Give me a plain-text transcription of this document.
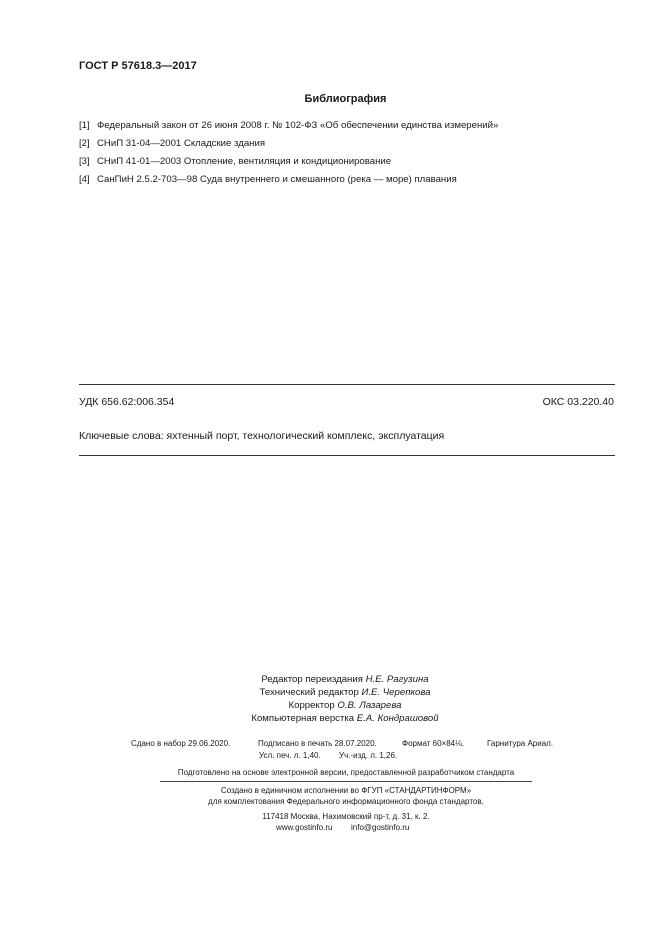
ГОСТ Р 57618.3—2017
Библиография
[1] Федеральный закон от 26 июня 2008 г. № 102-ФЗ «Об обеспечении единства измерений»
[2] СНиП 31-04—2001 Складские здания
[3] СНиП 41-01—2003 Отопление, вентиляция и кондиционирование
[4] СанПиН 2.5.2-703—98 Суда внутреннего и смешанного (река — море) плавания
УДК 656.62:006.354	ОКС 03.220.40
Ключевые слова: яхтенный порт, технологический комплекс, эксплуатация
Редактор переиздания Н.Е. Рагузина
Технический редактор И.Е. Черепкова
Корректор О.В. Лазарева
Компьютерная верстка Е.А. Кондрашовой
Сдано в набор 29.06.2020.	Подписано в печать 28.07.2020.	Формат 60×84⅛.	Гарнитура Ариал.
Усл. печ. л. 1,40. Уч.-изд. л. 1,26.
Подготовлено на основе электронной версии, предоставленной разработчиком стандарта
Создано в единичном исполнении во ФГУП «СТАНДАРТИНФОРМ»
для комплектования Федерального информационного фонда стандартов,
117418 Москва, Нахимовский пр-т, д. 31, к. 2.
www.gostinfo.ru info@gostinfo.ru
